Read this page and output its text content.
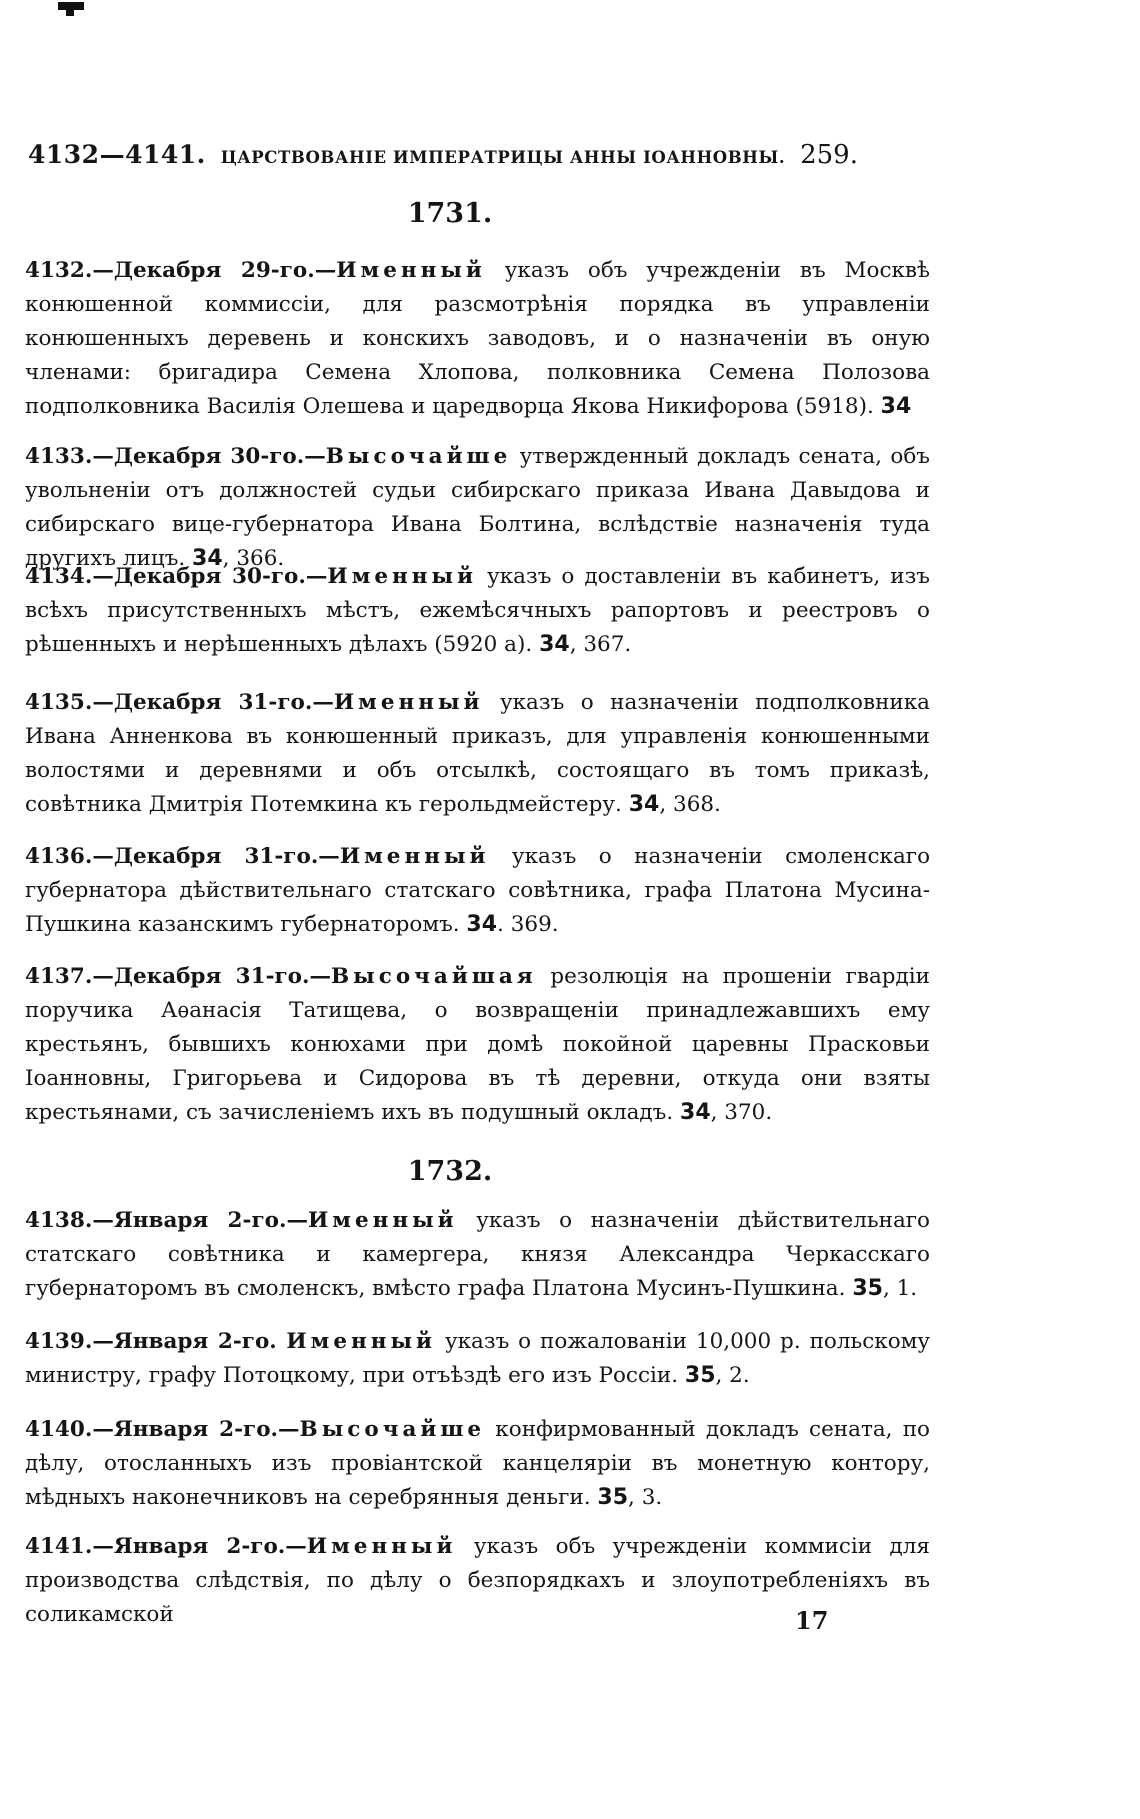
4132—4141. ЦАРСТВОВАНІЕ ИМПЕРАТРИЦЫ АННЫ ІОАННОВНЫ. 259.
1731.
4132.—Декабря 29-го.—Именный указъ объ учрежденіи въ Москвѣ конюшенной коммиссіи, для разсмотрѣнія порядка въ управленіи конюшенныхъ деревень и конскихъ заводовъ, и о назначеніи въ оную членами: бригадира Семена Хлопова, полковника Семена Полозова подполковника Василія Олешева и царедворца Якова Никифорова (5918). 34
4133.—Декабря 30-го.—Высочайше утвержденный докладъ сената, объ увольненіи отъ должностей судьи сибирскаго приказа Ивана Давыдова и сибирскаго вице-губернатора Ивана Болтина, вслѣдствіе назначенія туда другихъ лицъ. 34, 366.
4134.—Декабря 30-го.—Именный указъ о доставленіи въ кабинетъ, изъ всѣхъ присутственныхъ мѣстъ, ежемѣсячныхъ рапортовъ и реестровъ о рѣшенныхъ и нерѣшенныхъ дѣлахъ (5920 а). 34, 367.
4135.—Декабря 31-го.—Именный указъ о назначеніи подполковника Ивана Анненкова въ конюшенный приказъ, для управленія конюшенными волостями и деревнями и объ отсылкѣ, состоящаго въ томъ приказѣ, совѣтника Дмитрія Потемкина къ герольдмейстеру. 34, 368.
4136.—Декабря 31-го.—Именный указъ о назначеніи смоленскаго губернатора дѣйствительнаго статскаго совѣтника, графа Платона Мусина-Пушкина казанскимъ губернаторомъ. 34. 369.
4137.—Декабря 31-го.—Высочайшая резолюція на прошеніи гвардіи поручика Аѳанасія Татищева, о возвращеніи принадлежавшихъ ему крестьянъ, бывшихъ конюхами при домѣ покойной царевны Прасковьи Іоанновны, Григорьева и Сидорова въ тѣ деревни, откуда они взяты крестьянами, съ зачисленіемъ ихъ въ подушный окладъ. 34, 370.
1732.
4138.—Января 2-го.—Именный указъ о назначеніи дѣйствительнаго статскаго совѣтника и камергера, князя Александра Черкасскаго губернаторомъ въ смоленскъ, вмѣсто графа Платона Мусинъ-Пушкина. 35, 1.
4139.—Января 2-го. Именный указъ о пожалованіи 10,000 р. польскому министру, графу Потоцкому, при отъѣздѣ его изъ Россіи. 35, 2.
4140.—Января 2-го.—Высочайше конфирмованный докладъ сената, по дѣлу, отосланныхъ изъ провіантской канцеляріи въ монетную контору, мѣдныхъ наконечниковъ на серебрянныя деньги. 35, 3.
4141.—Января 2-го.—Именный указъ объ учрежденіи коммисіи для производства слѣдствія, по дѣлу о безпорядкахъ и злоупотребленіяхъ въ соликамской	17
